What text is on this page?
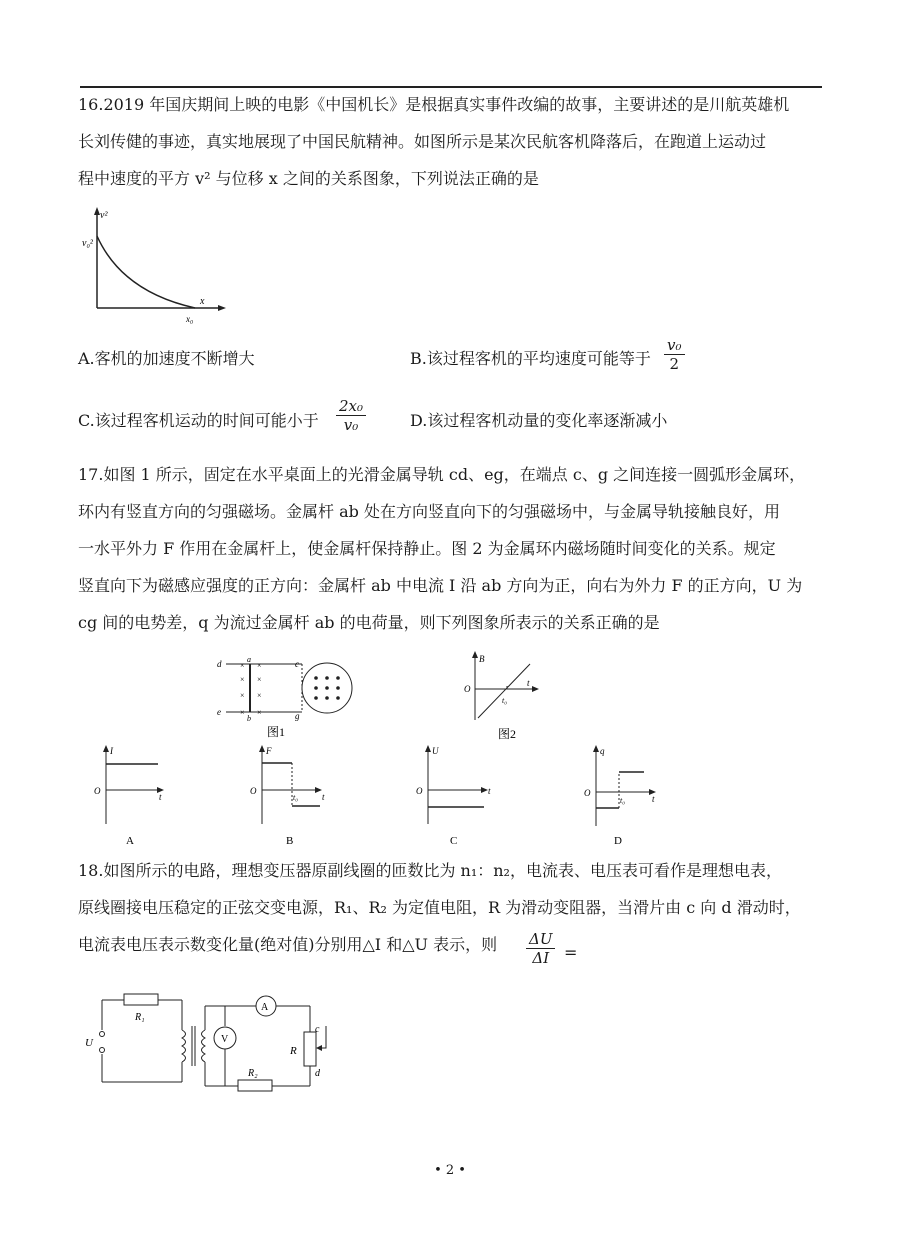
16.2019 年国庆期间上映的电影《中国机长》是根据真实事件改编的故事，主要讲述的是川航英雄机
长刘传健的事迹，真实地展现了中国民航精神。如图所示是某次民航客机降落后，在跑道上运动过
程中速度的平方 v² 与位移 x 之间的关系图象，下列说法正确的是
v²
v₀²
x
x₀
A.客机的加速度不断增大	B.该过程客机的平均速度可能等于 $\frac{\text{v₀}}{2}$
C.该过程客机运动的时间可能小于 $\frac{\text{2x₀}}{\text{v₀}}$	D.该过程客机动量的变化率逐渐减小
17.如图 1 所示，固定在水平桌面上的光滑金属导轨 cd、eg，在端点 c、g 之间连接一圆弧形金属环，
环内有竖直方向的匀强磁场。金属杆 ab 处在方向竖直向下的匀强磁场中，与金属导轨接触良好，用
一水平外力 F 作用在金属杆上，使金属杆保持静止。图 2 为金属环内磁场随时间变化的关系。规定
竖直向下为磁感应强度的正方向：金属杆 ab 中电流 I 沿 ab 方向为正，向右为外力 F 的正方向，U 为
cg 间的电势差，q 为流过金属杆 ab 的电荷量，则下列图象所表示的关系正确的是
× ×
× ×
× ×
× ×
d
e
c
g
a
b
图1
B
O
t
t₀
图2
I
O
t
A
F
O
t
t₀
B
U
O	t
C
q
O
t
t₀
D
18.如图所示的电路，理想变压器原副线圈的匝数比为 n₁：n₂，电流表、电压表可看作是理想电表，
原线圈接电压稳定的正弦交变电源，R₁、R₂ 为定值电阻，R 为滑动变阻器，当滑片由 c 向 d 滑动时，
电流表电压表示数变化量(绝对值)分别用△I 和△U 表示，则	$\frac{\Delta U}{\Delta I}$ =
R₁
R₂
R
U
A
V
c
d
• 2 •
